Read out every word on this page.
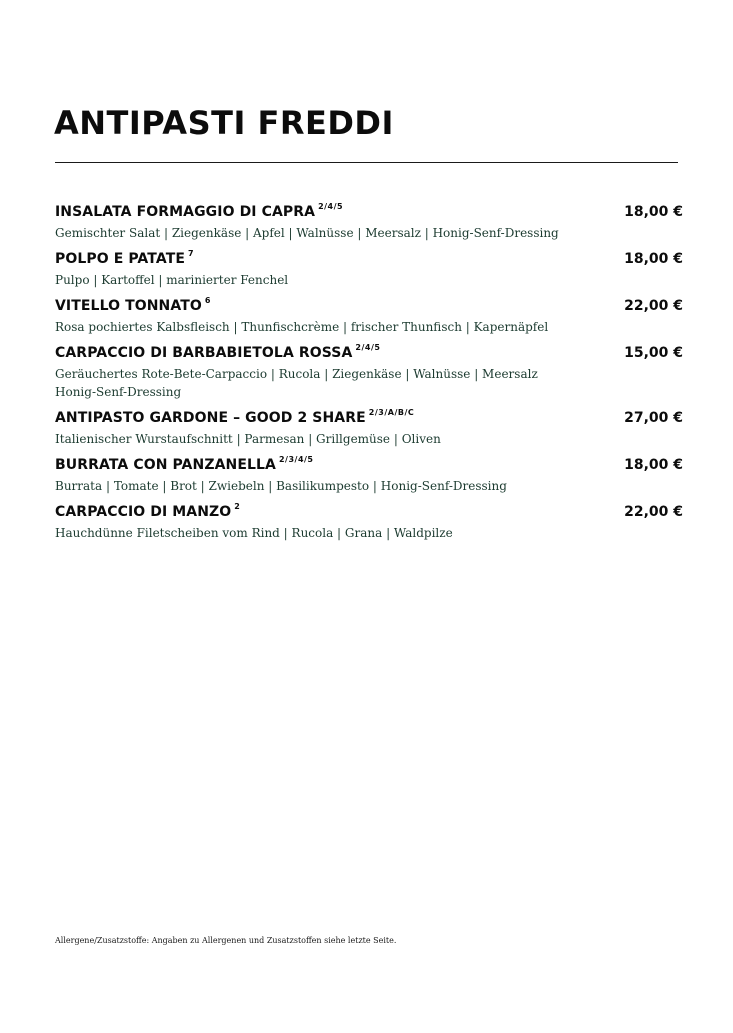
ANTIPASTI FREDDI
INSALATA FORMAGGIO DI CAPRA $^{2/4/5}$	18,00 €
Gemischter Salat | Ziegenkäse | Apfel | Walnüsse | Meersalz | Honig-Senf-Dressing
POLPO E PATATE $^7$	18,00 €
Pulpo | Kartoffel | marinierter Fenchel
VITELLO TONNATO $^6$	22,00 €
Rosa pochiertes Kalbsfleisch | Thunfischcrème | frischer Thunfisch | Kapernäpfel
CARPACCIO DI BARBABIETOLA ROSSA $^{2/4/5}$	15,00 €
Geräuchertes Rote-Bete-Carpaccio | Rucola | Ziegenkäse | Walnüsse | Meersalz Honig-Senf-Dressing
ANTIPASTO GARDONE – GOOD 2 SHARE $^{2/3/A/B/C}$	27,00 €
Italienischer Wurstaufschnitt | Parmesan | Grillgemüse | Oliven
BURRATA CON PANZANELLA $^{2/3/4/5}$	18,00 €
Burrata | Tomate | Brot | Zwiebeln | Basilikumpesto | Honig-Senf-Dressing
CARPACCIO DI MANZO $^2$	22,00 €
Hauchdünne Filetscheiben vom Rind | Rucola | Grana | Waldpilze
Allergene/Zusatzstoffe: Angaben zu Allergenen und Zusatzstoffen siehe letzte Seite.
